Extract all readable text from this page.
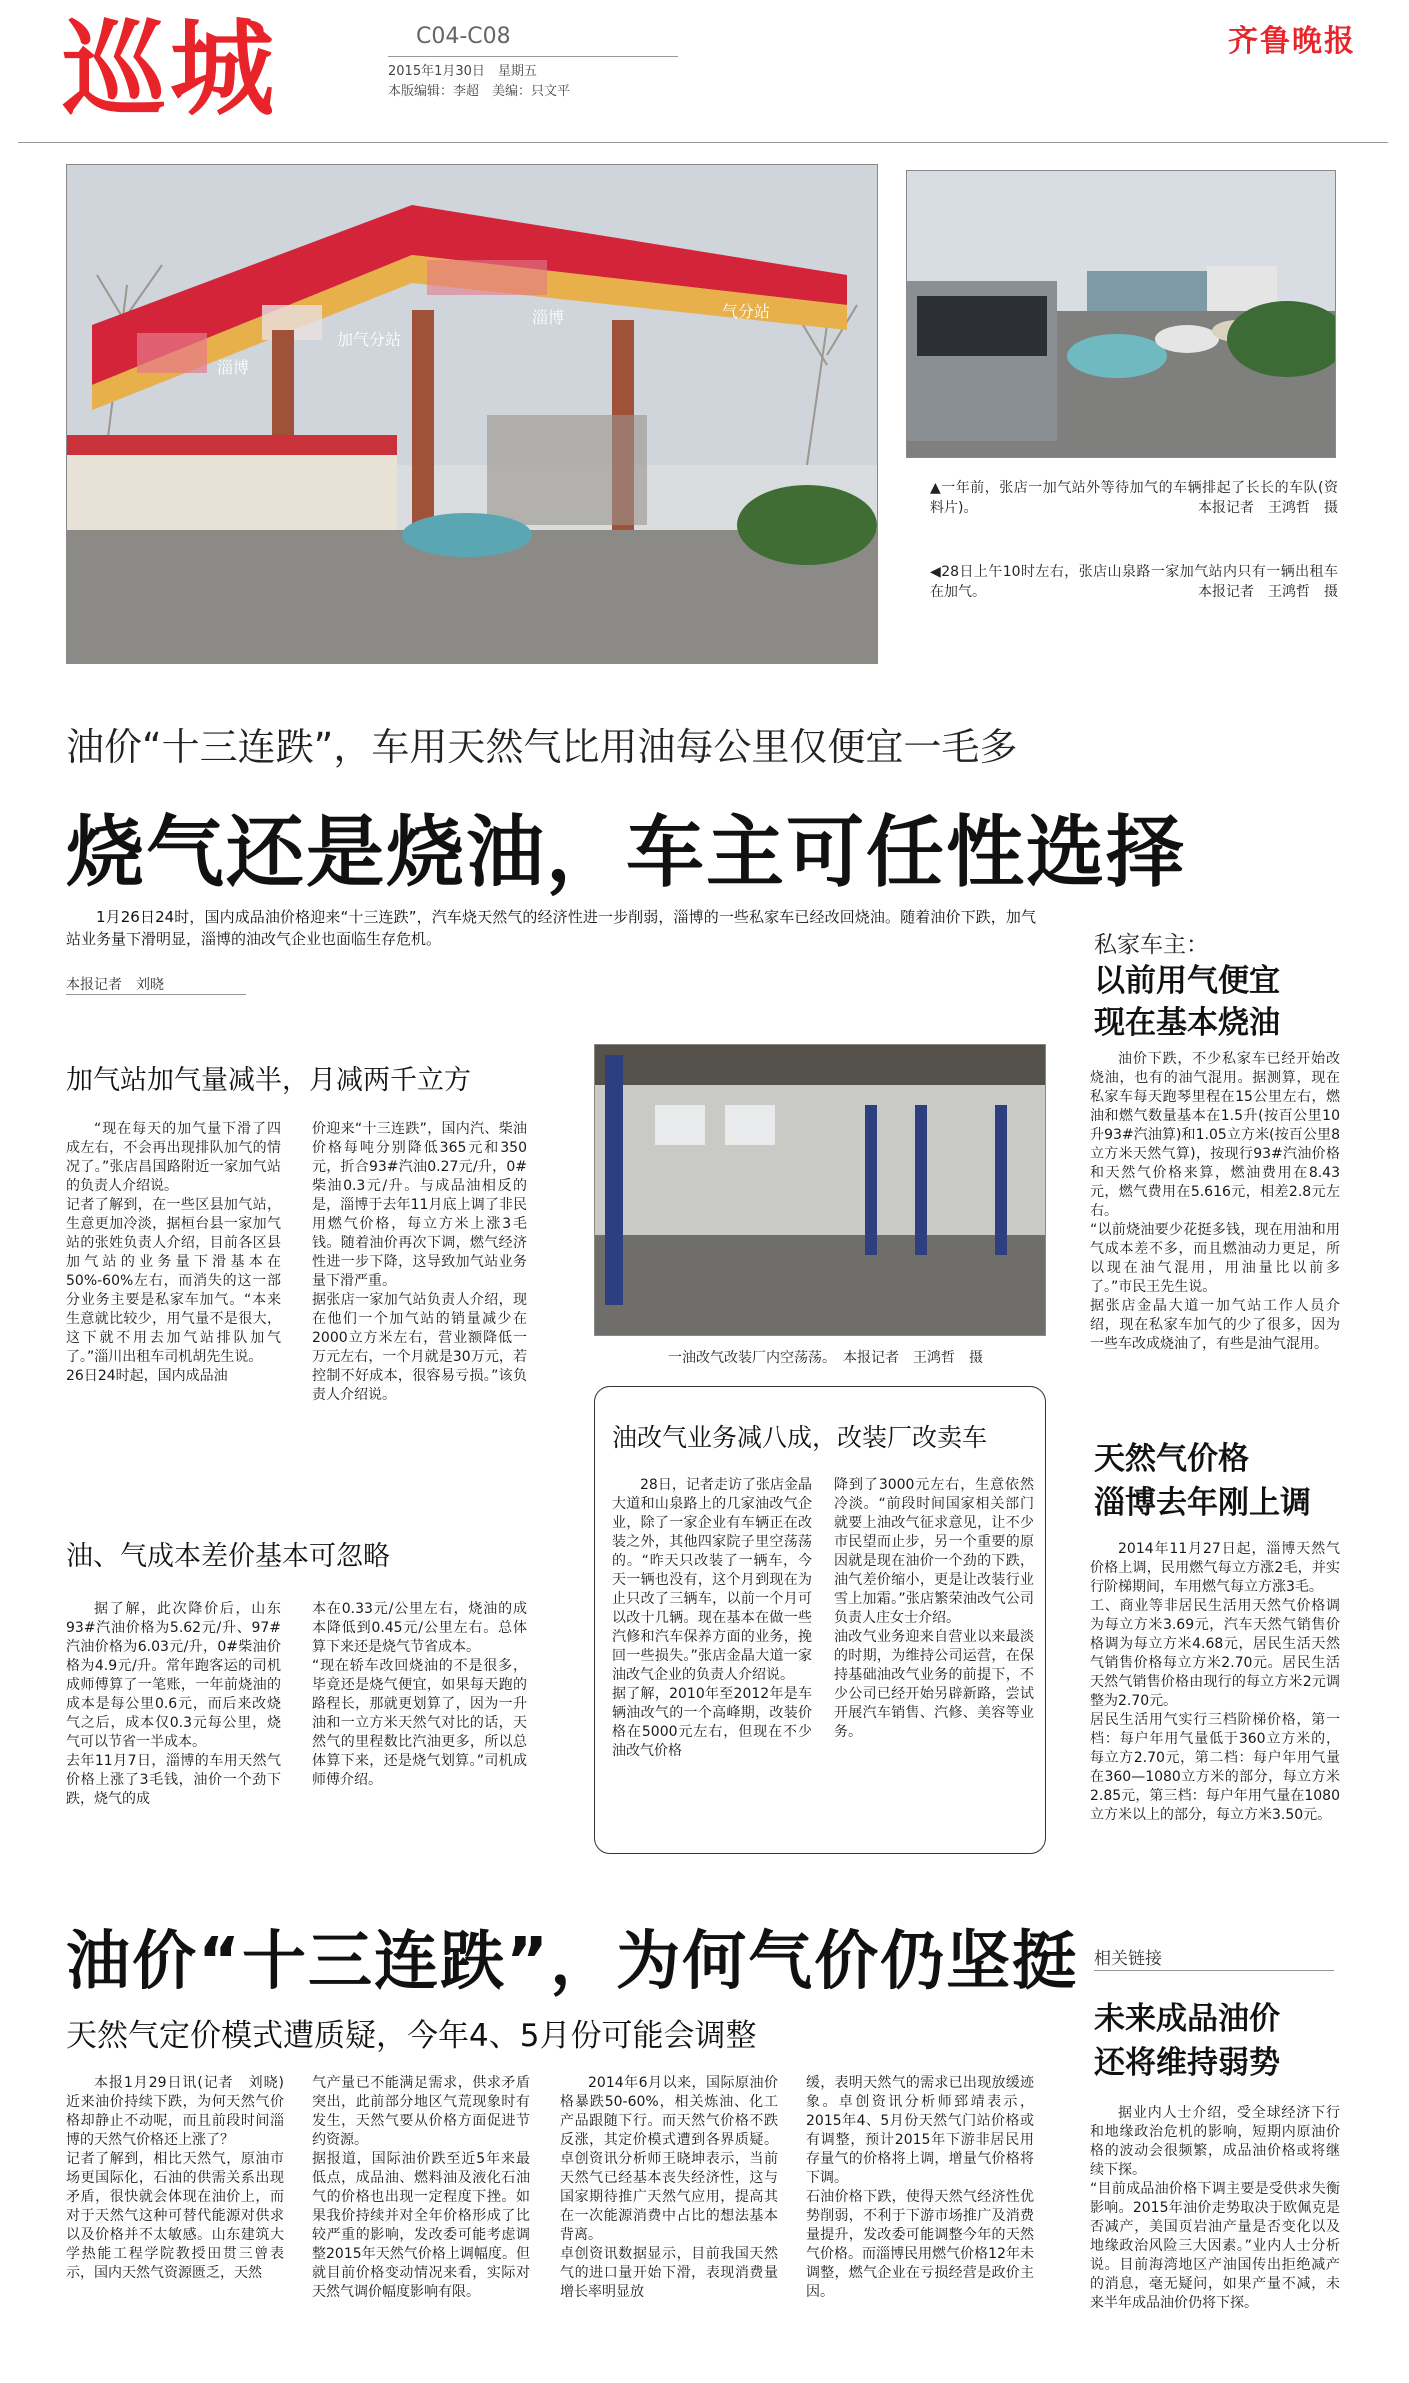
巡城	C04-C08
2015年1月30日　星期五
本版编辑：李超　美编：只文平
齐鲁晚报
淄博
加气分站
淄博	气分站
▲一年前，张店一加气站外等待加气的车辆排起了长长的车队(资料片)。	本报记者　王鸿哲　摄
◀28日上午10时左右，张店山泉路一家加气站内只有一辆出租车在加气。	本报记者　王鸿哲　摄
油价“十三连跌”，车用天然气比用油每公里仅便宜一毛多
烧气还是烧油，车主可任性选择
1月26日24时，国内成品油价格迎来“十三连跌”，汽车烧天然气的经济性进一步削弱，淄博的一些私家车已经改回烧油。随着油价下跌，加气站业务量下滑明显，淄博的油改气企业也面临生存危机。
本报记者　刘晓
加气站加气量减半，月减两千立方

“现在每天的加气量下滑了四成左右，不会再出现排队加气的情况了。”张店昌国路附近一家加气站的负责人介绍说。
记者了解到，在一些区县加气站，生意更加冷淡，据桓台县一家加气站的张姓负责人介绍，目前各区县加气站的业务量下滑基本在50%-60%左右，而消失的这一部分业务主要是私家车加气。“本来生意就比较少，用气量不是很大，这下就不用去加气站排队加气了。”淄川出租车司机胡先生说。
26日24时起，国内成品油

价迎来“十三连跌”，国内汽、柴油价格每吨分别降低365元和350元，折合93#汽油0.27元/升，0#柴油0.3元/升。与成品油相反的是，淄博于去年11月底上调了非民用燃气价格，每立方米上涨3毛钱。随着油价再次下调，燃气经济性进一步下降，这导致加气站业务量下滑严重。
据张店一家加气站负责人介绍，现在他们一个加气站的销量减少在2000立方米左右，营业额降低一万元左右，一个月就是30万元，若控制不好成本，很容易亏损。”该负责人介绍说。

一油改气改装厂内空荡荡。　本报记者　王鸿哲　摄
油、气成本差价基本可忽略

据了解，此次降价后，山东93#汽油价格为5.62元/升、97#汽油价格为6.03元/升，0#柴油价格为4.9元/升。常年跑客运的司机成师傅算了一笔账，一年前烧油的成本是每公里0.6元，而后来改烧气之后，成本仅0.3元每公里，烧气可以节省一半成本。
去年11月7日，淄博的车用天然气价格上涨了3毛钱，油价一个劲下跌，烧气的成

本在0.33元/公里左右，烧油的成本降低到0.45元/公里左右。总体算下来还是烧气节省成本。
“现在轿车改回烧油的不是很多，毕竟还是烧气便宜，如果每天跑的路程长，那就更划算了，因为一升油和一立方米天然气对比的话，天然气的里程数比汽油更多，所以总体算下来，还是烧气划算。”司机成师傅介绍。

油改气业务减八成，改装厂改卖车

28日，记者走访了张店金晶大道和山泉路上的几家油改气企业，除了一家企业有车辆正在改装之外，其他四家院子里空荡荡的。“昨天只改装了一辆车，今天一辆也没有，这个月到现在为止只改了三辆车，以前一个月可以改十几辆。现在基本在做一些汽修和汽车保养方面的业务，挽回一些损失。”张店金晶大道一家油改气企业的负责人介绍说。
据了解，2010年至2012年是车辆油改气的一个高峰期，改装价格在5000元左右，但现在不少油改气价格

降到了3000元左右，生意依然冷淡。“前段时间国家相关部门就要上油改气征求意见，让不少市民望而止步，另一个重要的原因就是现在油价一个劲的下跌，油气差价缩小，更是让改装行业雪上加霜。”张店繁荣油改气公司负责人庄女士介绍。
油改气业务迎来自营业以来最淡的时期，为维持公司运营，在保持基础油改气业务的前提下，不少公司已经开始另辟新路，尝试开展汽车销售、汽修、美容等业务。

私家车主：
以前用气便宜
现在基本烧油

油价下跌，不少私家车已经开始改烧油，也有的油气混用。据测算，现在私家车每天跑琴里程在15公里左右，燃油和燃气数量基本在1.5升(按百公里10升93#汽油算)和1.05立方米(按百公里8立方米天然气算)，按现行93#汽油价格和天然气价格来算，燃油费用在8.43元，燃气费用在5.616元，相差2.8元左右。
“以前烧油要少花挺多钱，现在用油和用气成本差不多，而且燃油动力更足，所以现在油气混用，用油量比以前多了。”市民王先生说。
据张店金晶大道一加气站工作人员介绍，现在私家车加气的少了很多，因为一些车改成烧油了，有些是油气混用。

天然气价格
淄博去年刚上调

2014年11月27日起，淄博天然气价格上调，民用燃气每立方涨2毛，并实行阶梯期间，车用燃气每立方涨3毛。
工、商业等非居民生活用天然气价格调为每立方米3.69元，汽车天然气销售价格调为每立方米4.68元，居民生活天然气销售价格每立方米2.70元。居民生活天然气销售价格由现行的每立方米2元调整为2.70元。
居民生活用气实行三档阶梯价格，第一档：每户年用气量低于360立方米的，每立方2.70元，第二档：每户年用气量在360—1080立方米的部分，每立方米2.85元，第三档：每户年用气量在1080立方米以上的部分，每立方米3.50元。

油价“十三连跌”，为何气价仍坚挺
天然气定价模式遭质疑，今年4、5月份可能会调整

本报1月29日讯(记者　刘晓)　近来油价持续下跌，为何天然气价格却静止不动呢，而且前段时间淄博的天然气价格还上涨了？
记者了解到，相比天然气，原油市场更国际化，石油的供需关系出现矛盾，很快就会体现在油价上，而对于天然气这种可替代能源对供求以及价格并不太敏感。山东建筑大学热能工程学院教授田贯三曾表示，国内天然气资源匮乏，天然

气产量已不能满足需求，供求矛盾突出，此前部分地区气荒现象时有发生，天然气要从价格方面促进节约资源。
据报道，国际油价跌至近5年来最低点，成品油、燃料油及液化石油气的价格也出现一定程度下挫。如果我价持续并对全年价格形成了比较严重的影响，发改委可能考虑调整2015年天然气价格上调幅度。但就目前价格变动情况来看，实际对天然气调价幅度影响有限。

2014年6月以来，国际原油价格暴跌50-60%，相关炼油、化工产品跟随下行。而天然气价格不跌反涨，其定价模式遭到各界质疑。卓创资讯分析师王晓坤表示，当前天然气已经基本丧失经济性，这与国家期待推广天然气应用，提高其在一次能源消费中占比的想法基本背离。
卓创资讯数据显示，目前我国天然气的进口量开始下滑，表现消费量增长率明显放

缓，表明天然气的需求已出现放缓迹象。卓创资讯分析师郅靖表示，2015年4、5月份天然气门站价格或有调整，预计2015年下游非居民用存量气的价格将上调，增量气价格将下调。
石油价格下跌，使得天然气经济性优势削弱，不利于下游市场推广及消费量提升，发改委可能调整今年的天然气价格。而淄博民用燃气价格12年未调整，燃气企业在亏损经营是政价主因。

相关链接
未来成品油价
还将维持弱势

据业内人士介绍，受全球经济下行和地缘政治危机的影响，短期内原油价格的波动会很频繁，成品油价格或将继续下探。
“目前成品油价格下调主要是受供求失衡影响。2015年油价走势取决于欧佩克是否减产，美国页岩油产量是否变化以及地缘政治风险三大因素。”业内人士分析说。目前海湾地区产油国传出拒绝减产的消息，毫无疑问，如果产量不减，未来半年成品油价仍将下探。
